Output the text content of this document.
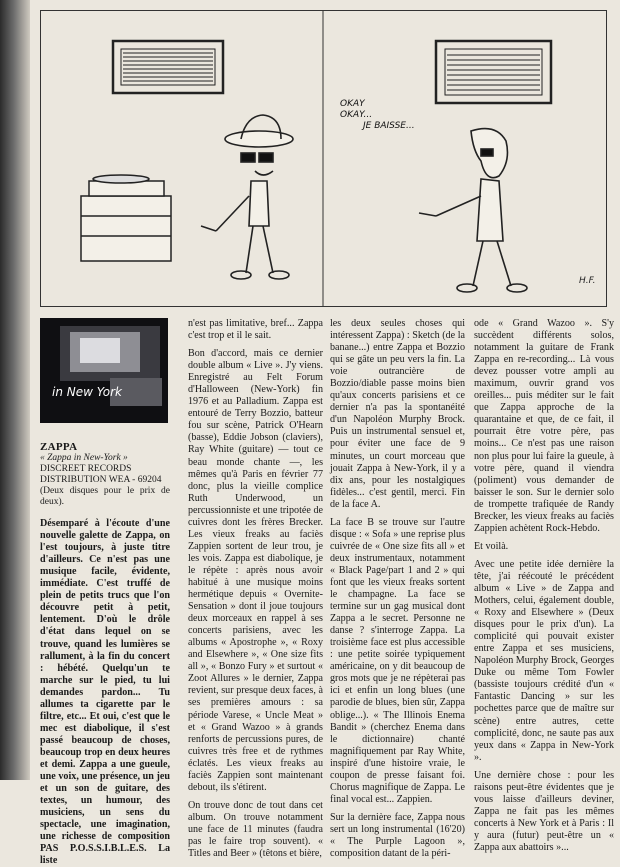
OKAY
OKAY...
JE BAISSE...
H.F.
in New York
ZAPPA
« Zappa in New-York »
DISCREET RECORDS
DISTRIBUTION WEA - 69204
(Deux disques pour le prix de deux).

Désemparé à l'écoute d'une nouvelle galette de Zappa, on l'est toujours, à juste titre d'ailleurs. Ce n'est pas une musique facile, évidente, immédiate. C'est truffé de plein de petits trucs que l'on découvre petit à petit, lentement. D'où le drôle d'état dans lequel on se trouve, quand les lumières se rallument, à la fin du concert : hébété. Quelqu'un te marche sur le pied, tu lui demandes pardon... Tu allumes ta cigarette par le filtre, etc... Et oui, c'est que le mec est diabolique, il s'est passé beaucoup de choses, beaucoup trop en deux heures et demi. Zappa a une gueule, une voix, une présence, un jeu et un son de guitare, des textes, un humour, des musiciens, un sens du spectacle, une imagination, une richesse de composition PAS P.O.S.S.I.B.L.E.S. La liste

n'est pas limitative, bref... Zappa c'est trop et il le sait.

Bon d'accord, mais ce dernier double album « Live ». J'y viens. Enregistré au Felt Forum d'Halloween (New-York) fin 1976 et au Palladium. Zappa est entouré de Terry Bozzio, batteur fou sur scène, Patrick O'Hearn (basse), Eddie Jobson (claviers), Ray White (guitare) — tout ce beau monde chante —, les mêmes qu'à Paris en février 77 donc, plus la vieille complice Ruth Underwood, un percussionniste et une tripotée de cuivres dont les frères Brecker. Les vieux freaks au faciès Zappien sortent de leur trou, je les vois. Zappa est diabolique, je le répète : après nous avoir habitué à une musique moins hermétique depuis « Overnite-Sensation » dont il joue toujours deux morceaux en rappel à ses concerts parisiens, avec les albums « Apostrophe », « Roxy and Elsewhere », « One size fits all », « Bonzo Fury » et surtout « Zoot Allures » le dernier, Zappa revient, sur presque deux faces, à ses premières amours : sa période Varese, « Uncle Meat » et « Grand Wazoo » à grands renforts de percussions pures, de cuivres très free et de rythmes éclatés. Les vieux freaks au faciès Zappien sont maintenant debout, ils s'étirent.

On trouve donc de tout dans cet album. On trouve notamment une face de 11 minutes (faudra pas le faire trop souvent). « Titles and Beer » (têtons et bière,

les deux seules choses qui intéressent Zappa) : Sketch (de la banane...) entre Zappa et Bozzio qui se gâte un peu vers la fin. La voie outrancière de Bozzio/diable passe moins bien qu'aux concerts parisiens et ce dernier n'a pas la spontanéité d'un Napoléon Murphy Brock. Puis un instrumental sensuel et, pour éviter une face de 9 minutes, un court morceau que jouait Zappa à New-York, il y a dix ans, pour les nostalgiques fidèles... c'est gentil, merci. Fin de la face A.

La face B se trouve sur l'autre disque : « Sofa » une reprise plus cuivrée de « One size fits all » et deux instrumentaux, notamment « Black Page/part 1 and 2 » qui font que les vieux freaks sortent le champagne. La face se termine sur un gag musical dont Zappa a le secret. Personne ne danse ? s'interroge Zappa. La troisième face est plus accessible : une petite soirée typiquement américaine, on y dit beaucoup de gros mots que je ne répèterai pas ici et enfin un long blues (une parodie de blues, bien sûr, Zappa oblige...). « The Illinois Enema Bandit » (cherchez Enema dans le dictionnaire) chanté magnifiquement par Ray White, inspiré d'une histoire vraie, le coupon de presse faisant foi. Chorus magnifique de Zappa. Le final vocal est... Zappien.

Sur la dernière face, Zappa nous sert un long instrumental (16'20) « The Purple Lagoon », composition datant de la péri-

ode « Grand Wazoo ». S'y succèdent différents solos, notamment la guitare de Frank Zappa en re-recording... Là vous devez pousser votre ampli au maximum, ouvrir grand vos oreilles... puis méditer sur le fait que Zappa approche de la quarantaine et que, de ce fait, il pourrait être votre père, pas moins... Ce n'est pas une raison non plus pour lui faire la gueule, à votre père, quand il viendra (poliment) vous demander de baisser le son. Sur le dernier solo de trompette trafiquée de Randy Brecker, les vieux freaks au faciès Zappien achètent Rock-Hebdo.

Et voilà.

Avec une petite idée dernière la tête, j'ai réécouté le précédent album « Live » de Zappa and Mothers, celui, également double, « Roxy and Elsewhere » (Deux disques pour le prix d'un). La complicité qui pouvait exister entre Zappa et ses musiciens, Napoléon Murphy Brock, Georges Duke ou même Tom Fowler (bassiste toujours crédité d'un « Fantastic Dancing » sur les pochettes parce que de maître sur scène) entre autres, cette complicité, donc, ne saute pas aux yeux dans « Zappa in New-York ».

Une dernière chose : pour les raisons peut-être évidentes que je vous laisse d'ailleurs deviner, Zappa ne fait pas les mêmes concerts à New York et à Paris : Il y aura (futur) peut-être un « Zappa aux abattoirs »...
